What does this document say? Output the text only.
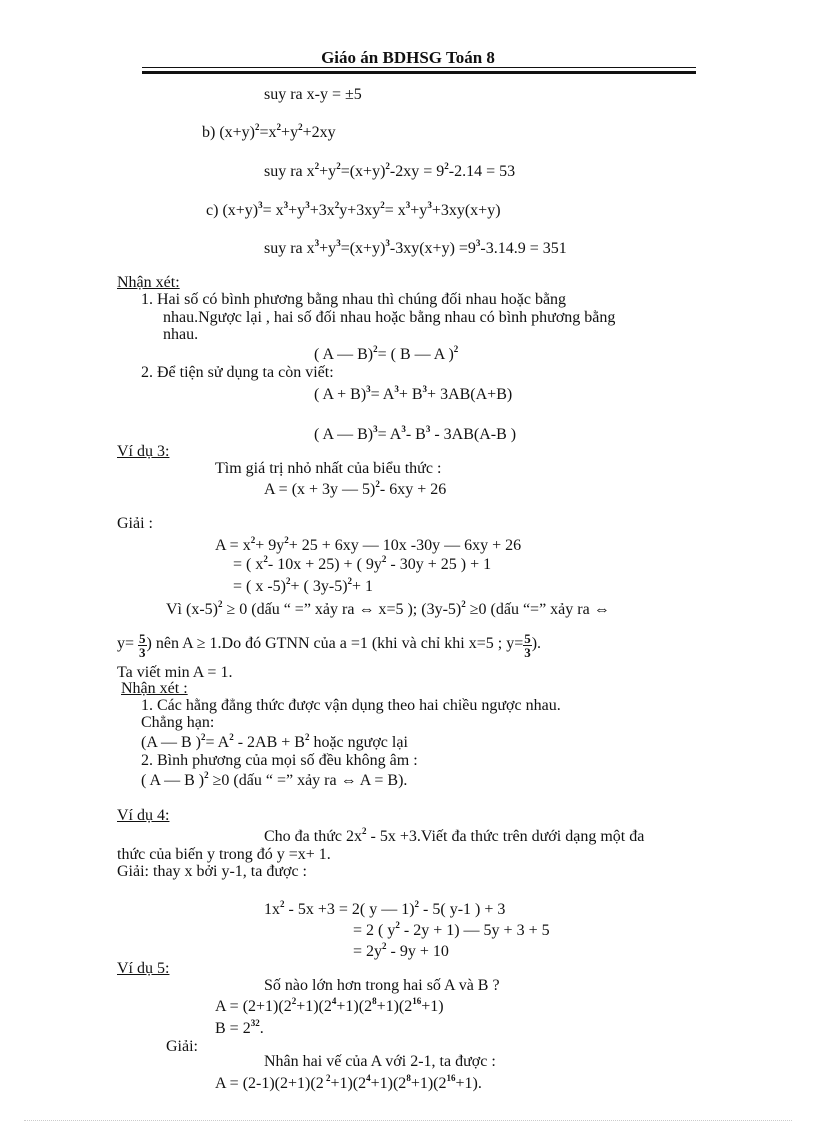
Giáo án BDHSG Toán 8
suy ra x-y = ±5
b) $(x+y)^2=x^2+y^2+2xy$
suy ra $x^2+y^2=(x+y)^2-2xy = 9^2-2.14 = 53$
c) $(x+y)^3= x^3+y^3+3x^2y+3xy^2= x^3+y^3+3xy(x+y)$
suy ra $x^3+y^3=(x+y)^3-3xy(x+y) =9^3-3.14.9 = 351$
Nhận xét:
1. Hai số có bình phương bằng nhau thì chúng đối nhau hoặc bằng
nhau.Ngược lại , hai số đối nhau hoặc bằng nhau có bình phương bằng
nhau.
( A — B)$^2$= ( B — A )$^2$
2. Để tiện sử dụng ta còn viết:
( $A + B)^3= A^3+ B^3+ 3AB(A+B)$
( A — $B)^3= A^3-$ $B^3 - 3AB(A-B$ )
Ví dụ 3:
Tìm giá trị nhỏ nhất của biểu thức :
A = (x + 3y — 5)$^2$- 6xy + 26
Giải :
$A = x^2+ 9y^2+ 25 + 6xy$ — 10x -30y — 6xy + 26
= ( $x^2-$ 10x + 25) + ( $9y^2 - 30y + 25$ ) + 1
= ( x -5)$^2$+ ( 3y-5)$^2$+ 1
Vì $(x-5)^2 \ge 0$ (dấu “ =” xảy ra ⇔ x=5 ); $(3y-5)^2 \ge 0$ (dấu “=” xảy ra ⇔
$y= \frac{5}{3}$ ) nên A ≥ 1.Do đó GTNN của a =1 (khi và chỉ khi x=5 ; $y= \frac{5}{3}$ ).
Ta viết min A = 1.
Nhận xét :
1. Các hằng đẳng thức được vận dụng theo hai chiều ngược nhau.
Chẳng hạn:
(A — B )$^2= A^2 - 2AB + B^2$ hoặc ngược lại
2. Bình phương của mọi số đều không âm :
( A — B )$^2$ ≥0 (dấu “ =” xảy ra ⇔ A = B).
Ví dụ 4:
Cho đa thức $2x^2 - 5x$ +3.Viết đa thức trên dưới dạng một đa
thức của biến y trong đó y =x+ 1.
Giải: thay x bởi y-1, ta được :
$1x^2 - 5x +3 = 2$( y — 1)$^2$ - 5( y-1 ) + 3
= 2 ( $y^2 - 2y + 1$) — 5y + 3 + 5
= $2y^2 - 9y + 10$
Ví dụ 5:
Số nào lớn hơn trong hai số A và B ?
$A = (2+1)(2^2+1)(2^4+1)(2^8+1)(2^{16}+1)$
$B = 2^{32}$.
Giải:
Nhân hai vế của A với 2-1, ta được :
A = (2-1)(2+1)(2 $^2+1)(2^4+1)(2^8+1)(2^{16}+1)$.
